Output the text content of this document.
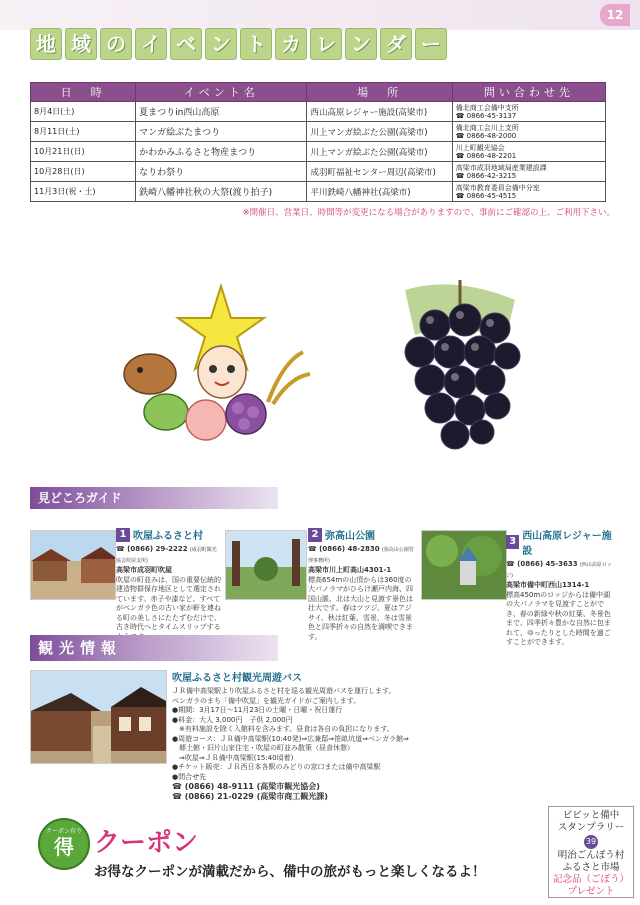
12
地 域 の イ ベ ン ト カ レ ン ダ ー
日　時	イベント名	場　所	問い合わせ先
8月4日(土)	夏まつりin西山高原	西山高原レジャー施設(高梁市)	備北商工会備中支所
☎ 0866-45-3137

8月11日(土)	マンガ絵ぶたまつり	川上マンガ絵ぶた公園(高梁市)	備北商工会川上支所
☎ 0866-48-2000

10月21日(日)	かわかみふるさと物産まつり	川上マンガ絵ぶた公園(高梁市)	川上町観光協会
☎ 0866-48-2201

10月28日(日)	なりわ祭り	成羽町福祉センター周辺(高梁市)	高梁市成羽地域局産業建設課
☎ 0866-42-3215

11月3日(祝・土)	鉄崎八幡神社秋の大祭(渡り拍子)	平川鉄崎八幡神社(高梁市)	高梁市教育委員会備中分室
☎ 0866-45-4515
※開催日、営業日、時間等が変更になる場合がありますので、事前にご確認の上、ご利用下さい。
見どころガイド
1 吹屋ふるさと村
☎ (0866) 29-2222 (成羽町観光協会吹屋支所)
高梁市成羽町吹屋
吹屋の町並みは、国の重要伝統的建造物群保存地区として選定されています。赤子や漆など、すべてがベンガラ色の古い家が軒を連ねる町の美しさにたたずむだけで、古き時代へとタイムスリップする
2 弥高山公園
☎ (0866) 48-2830 (弥高山公園管理事務所)
高梁市川上町高山4301-1
標高654mの山頂からは360度の大パノラマがひらけ瀬戸内海、四国山脈、北は大山と見渡す景色は壮大です。春はツツジ、夏はアジサイ、秋は紅葉、雪景、冬は雪景色と四季折々の自然を満喫できます。
3 西山高原レジャー施設
☎ (0866) 45-3633 (西山高原ロッジ)
高梁市備中町西山1314-1
標高450mのロッジからは備中湖の大パノラマを見渡すことができ、春の新緑や秋の紅葉、冬景色まで、四季折々豊かな自然に包まれて、ゆったりとした時間を過ごすことができます。
観光情報
吹屋ふるさと村観光周遊バス
ＪＲ備中高梁駅より吹屋ふるさと村を巡る観光周遊バスを運行します。
ベンガラのまち「備中吹屋」を観光ガイドがご案内します。
●期間：3月17日～11月23日の土曜・日曜・祝日運行
●料金：大人 3,000円　子供 2,000円
　※有料施設を除く入館料を含みます。昼食は各自の負担になります。
●周遊コース：ＪＲ備中高梁駅(10:40発)⇒広兼邸⇒笹畝坑道⇒ベンガラ館⇒
　郷土館・旧片山家住宅・吹屋の町並み散策（昼食休憩）
　⇒吹屋⇒ＪＲ備中高梁駅(15:40頃着)
●チケット販売：ＪＲ西日本各駅のみどりの窓口または備中高梁駅
●問合せ先
☎ (0866) 48-9111 (高梁市観光協会)
☎ (0866) 21-0229 (高梁市商工観光課)
クーポン有り
得 クーポン
お得なクーポンが満載だから、備中の旅がもっと楽しくなるよ！
ビビッと備中
スタンプラリー
39
明治ごんぼう村
ふるさと市場
記念品（ごぼう）
プレゼント
